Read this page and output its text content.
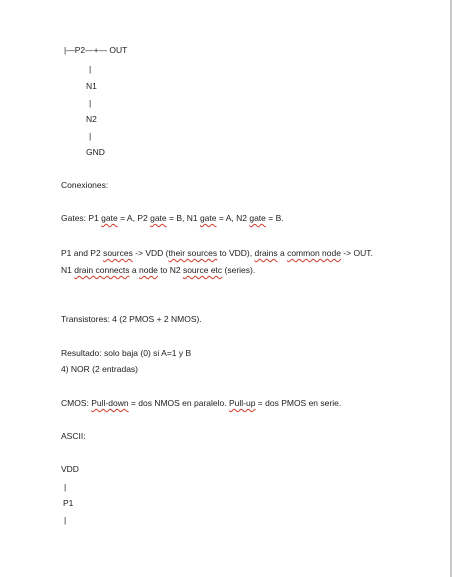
|—P2—+— OUT
|
N1
|
N2
|
GND
Conexiones:
Gates: P1 gate = A, P2 gate = B, N1 gate = A, N2 gate = B.
P1 and P2 sources -> VDD (their sources to VDD), drains a common node -> OUT.
N1 drain connects a node to N2 source etc (series).
Transistores: 4 (2 PMOS + 2 NMOS).
Resultado: solo baja (0) si A=1 y B
4) NOR (2 entradas)
CMOS: Pull-down = dos NMOS en paralelo. Pull-up = dos PMOS en serie.
ASCII:
VDD
|
P1
|
